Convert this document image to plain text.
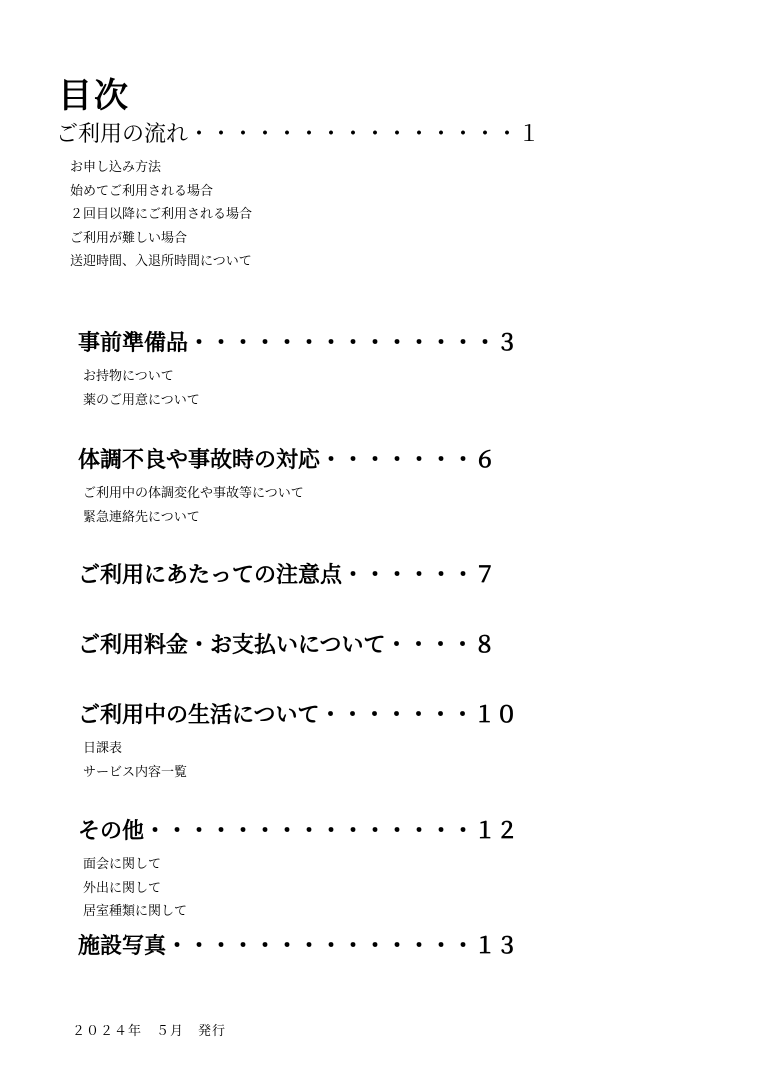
目次
ご利用の流れ・・・・・・・・・・・・・・・１
お申し込み方法
始めてご利用される場合
２回目以降にご利用される場合
ご利用が難しい場合
送迎時間、入退所時間について
事前準備品・・・・・・・・・・・・・・３
お持物について
薬のご用意について
体調不良や事故時の対応・・・・・・・６
ご利用中の体調変化や事故等について
緊急連絡先について
ご利用にあたっての注意点・・・・・・７
ご利用料金・お支払いについて・・・・８
ご利用中の生活について・・・・・・・１０
日課表
サービス内容一覧
その他・・・・・・・・・・・・・・・１２
面会に関して
外出に関して
居室種類に関して
施設写真・・・・・・・・・・・・・・１３
２０２４年　５月　発行
